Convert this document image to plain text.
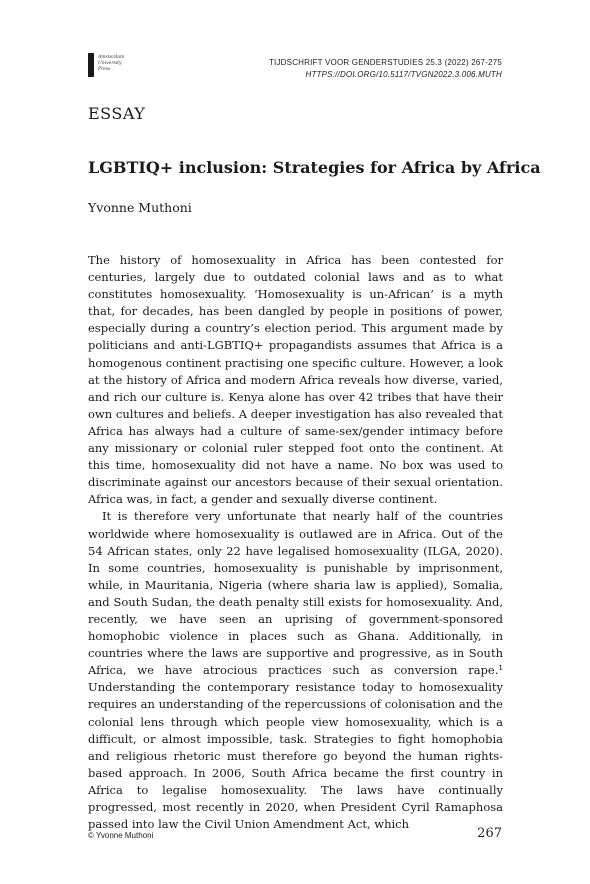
Amsterdam
University
Press
TIJDSCHRIFT VOOR GENDERSTUDIES 25.3 (2022) 267-275
HTTPS://DOI.ORG/10.5117/TVGN2022.3.006.MUTH
ESSAY
LGBTIQ+ inclusion: Strategies for Africa by Africa
Yvonne Muthoni

The history of homosexuality in Africa has been contested for centuries, largely due to outdated colonial laws and as to what constitutes homosexuality. ‘Homosexuality is un-African’ is a myth that, for decades, has been dangled by people in positions of power, especially during a country’s election period. This argument made by politicians and anti-LGBTIQ+ propagandists assumes that Africa is a homogenous continent practising one specific culture. However, a look at the history of Africa and modern Africa reveals how diverse, varied, and rich our culture is. Kenya alone has over 42 tribes that have their own cultures and beliefs. A deeper investigation has also revealed that Africa has always had a culture of same-sex/gender intimacy before any missionary or colonial ruler stepped foot onto the continent. At this time, homosexuality did not have a name. No box was used to discriminate against our ancestors because of their sexual orientation. Africa was, in fact, a gender and sexually diverse continent.

It is therefore very unfortunate that nearly half of the countries worldwide where homosexuality is outlawed are in Africa. Out of the 54 African states, only 22 have legalised homosexuality (ILGA, 2020). In some countries, homosexuality is punishable by imprisonment, while, in Mauritania, Nigeria (where sharia law is applied), Somalia, and South Sudan, the death penalty still exists for homosexuality. And, recently, we have seen an uprising of government-sponsored homophobic violence in places such as Ghana. Additionally, in countries where the laws are supportive and progressive, as in South Africa, we have atrocious practices such as conversion rape.¹ Understanding the contemporary resistance today to homosexuality requires an understanding of the repercussions of colonisation and the colonial lens through which people view homosexuality, which is a difficult, or almost impossible, task. Strategies to fight homophobia and religious rhetoric must therefore go beyond the human rights-based approach. In 2006, South Africa became the first country in Africa to legalise homosexuality. The laws have continually progressed, most recently in 2020, when President Cyril Ramaphosa passed into law the Civil Union Amendment Act, which

© Yvonne Muthoni	267
